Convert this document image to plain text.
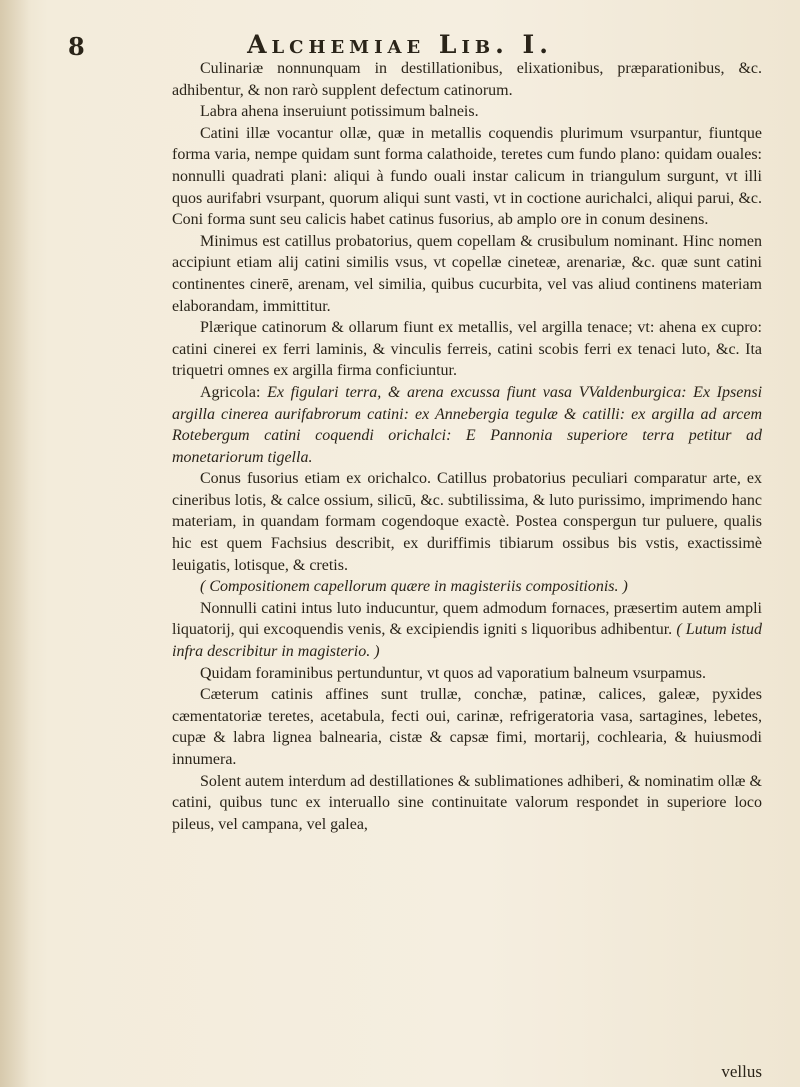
8	Alchemiae Lib. I.

Culinariæ nonnunquam in destillationibus, elixationibus, præparationibus, &c. adhibentur, & non rarò supplent defectum catinorum.

Labra ahena inseruiunt potissimum balneis.

Catini illæ vocantur ollæ, quæ in metallis coquendis plurimum vsurpantur, fiuntque forma varia, nempe quidam sunt forma calathoide, teretes cum fundo plano: quidam ouales: nonnulli quadrati plani: aliqui à fundo ouali instar calicum in triangulum surgunt, vt illi quos aurifabri vsurpant, quorum aliqui sunt vasti, vt in coctione aurichalci, aliqui parui, &c. Coni forma sunt seu calicis habet catinus fusorius, ab amplo ore in conum desinens.

Minimus est catillus probatorius, quem copellam & crusibulum nominant. Hinc nomen accipiunt etiam alij catini similis vsus, vt copellæ cineteæ, arenariæ, &c. quæ sunt catini continentes cinerē, arenam, vel similia, quibus cucurbita, vel vas aliud continens materiam elaborandam, immittitur.

Plærique catinorum & ollarum fiunt ex metallis, vel argilla tenace; vt: ahena ex cupro: catini cinerei ex ferri laminis, & vinculis ferreis, catini scobis ferri ex tenaci luto, &c. Ita triquetri omnes ex argilla firma conficiuntur.

Agricola: Ex figulari terra, & arena excussa fiunt vasa VValdenburgica: Ex Ipsensi argilla cinerea aurifabrorum catini: ex Annebergia tegulæ & catilli: ex argilla ad arcem Rotebergum catini coquendi orichalci: E Pannonia superiore terra petitur ad monetariorum tigella.

Conus fusorius etiam ex orichalco. Catillus probatorius peculiari comparatur arte, ex cineribus lotis, & calce ossium, silicū, &c. subtilissima, & luto purissimo, imprimendo hanc materiam, in quandam formam cogendoque exactè. Postea conspergun tur puluere, qualis hic est quem Fachsius describit, ex duriffimis tibiarum ossibus bis vstis, exactissimè leuigatis, lotisque, & cretis.

( Compositionem capellorum quære in magisteriis compositionis. )

Nonnulli catini intus luto inducuntur, quem admodum fornaces, præsertim autem ampli liquatorij, qui excoquendis venis, & excipiendis igniti s liquoribus adhibentur. ( Lutum istud infra describitur in magisterio. )

Quidam foraminibus pertunduntur, vt quos ad vaporatium balneum vsurpamus.

Cæterum catinis affines sunt trullæ, conchæ, patinæ, calices, galeæ, pyxides cæmentatoriæ teretes, acetabula, fecti oui, carinæ, refrigeratoria vasa, sartagines, lebetes, cupæ & labra lignea balnearia, cistæ & capsæ fimi, mortarij, cochlearia, & huiusmodi innumera.

Solent autem interdum ad destillationes & sublimationes adhiberi, & nominatim ollæ & catini, quibus tunc ex interuallo sine continuitate valorum respondet in superiore loco pileus, vel campana, vel galea,

vellus
